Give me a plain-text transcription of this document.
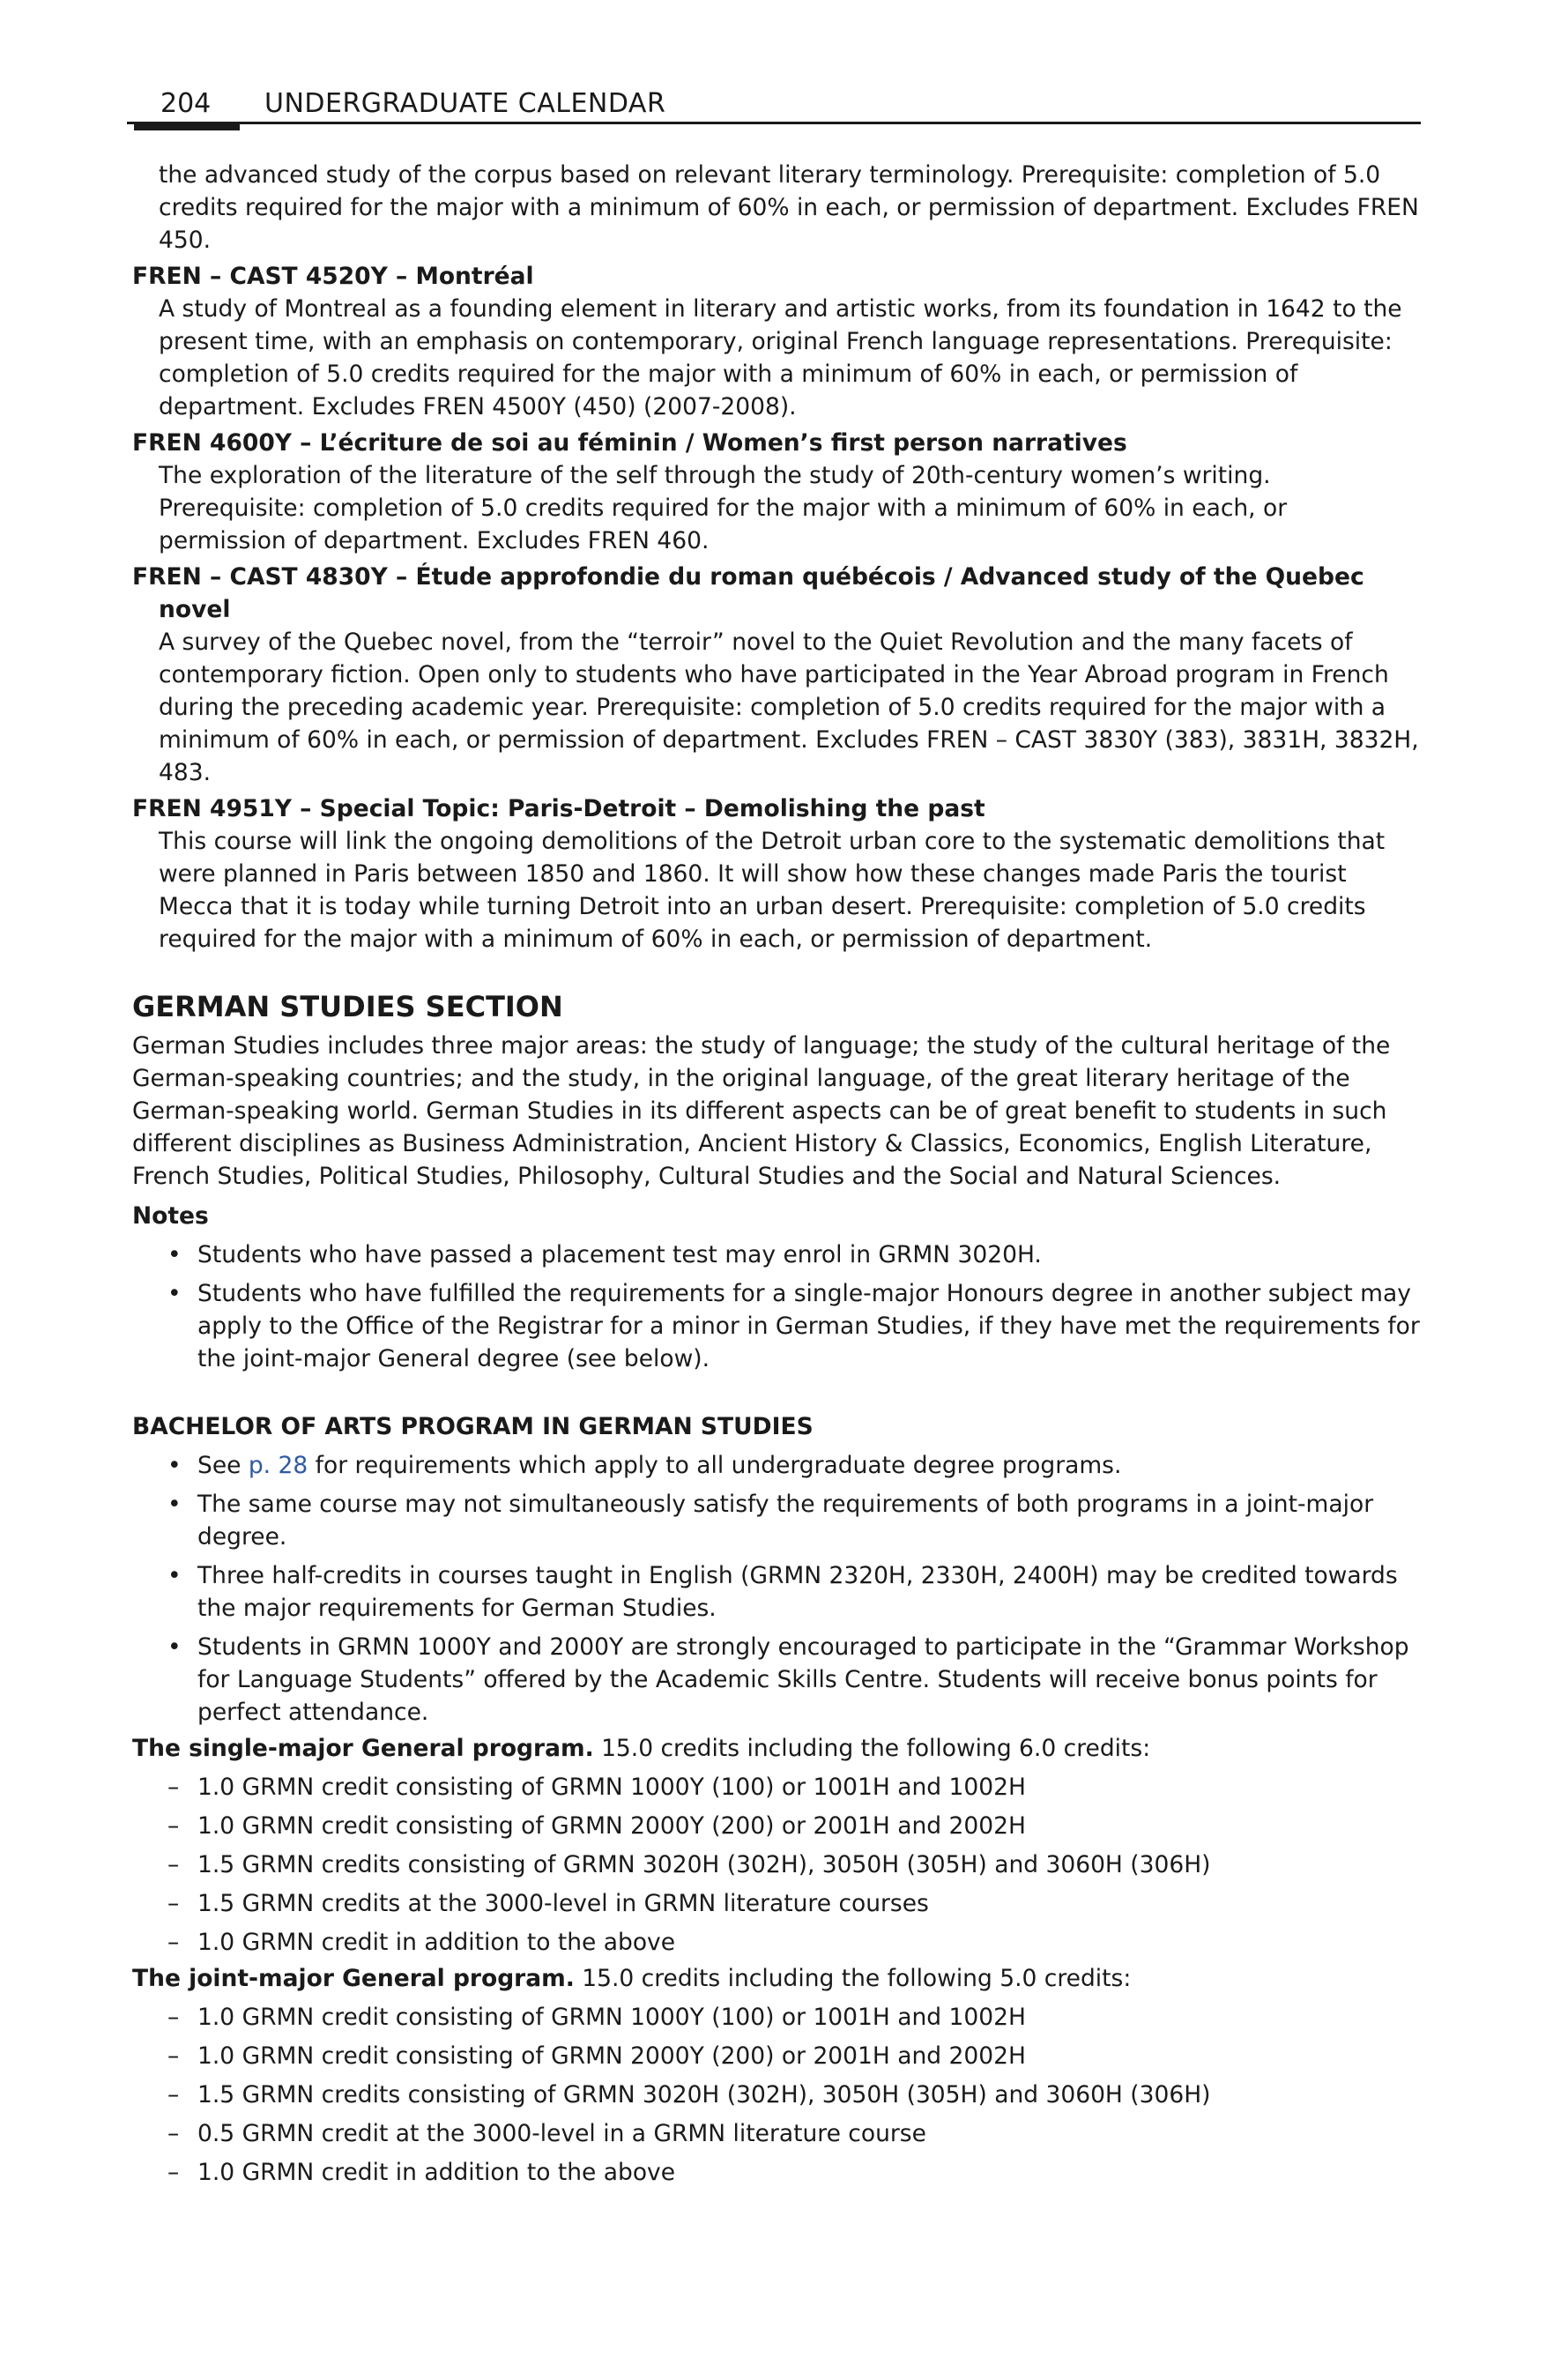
204 UNDERGRADUATE CALENDAR

the advanced study of the corpus based on relevant literary terminology. Prerequisite: completion of 5.0 credits required for the major with a minimum of 60% in each, or permission of department. Excludes FREN 450.

FREN – CAST 4520Y – Montréal

A study of Montreal as a founding element in literary and artistic works, from its foundation in 1642 to the present time, with an emphasis on contemporary, original French language representations. Prerequisite: completion of 5.0 credits required for the major with a minimum of 60% in each, or permission of department. Excludes FREN 4500Y (450) (2007-2008).

FREN 4600Y – L’écriture de soi au féminin / Women’s first person narratives

The exploration of the literature of the self through the study of 20th-century women’s writing. Prerequisite: completion of 5.0 credits required for the major with a minimum of 60% in each, or permission of department. Excludes FREN 460.

FREN – CAST 4830Y – Étude approfondie du roman québécois / Advanced study of the Quebec novel

A survey of the Quebec novel, from the “terroir” novel to the Quiet Revolution and the many facets of contemporary fiction. Open only to students who have participated in the Year Abroad program in French during the preceding academic year. Prerequisite: completion of 5.0 credits required for the major with a minimum of 60% in each, or permission of department. Excludes FREN – CAST 3830Y (383), 3831H, 3832H, 483.

FREN 4951Y – Special Topic: Paris-Detroit – Demolishing the past

This course will link the ongoing demolitions of the Detroit urban core to the systematic demolitions that were planned in Paris between 1850 and 1860. It will show how these changes made Paris the tourist Mecca that it is today while turning Detroit into an urban desert. Prerequisite: completion of 5.0 credits required for the major with a minimum of 60% in each, or permission of department.

GERMAN STUDIES SECTION

German Studies includes three major areas: the study of language; the study of the cultural heritage of the German-speaking countries; and the study, in the original language, of the great literary heritage of the German-speaking world. German Studies in its different aspects can be of great benefit to students in such different disciplines as Business Administration, Ancient History & Classics, Economics, English Literature, French Studies, Political Studies, Philosophy, Cultural Studies and the Social and Natural Sciences.

Notes

• Students who have passed a placement test may enrol in GRMN 3020H.
• Students who have fulfilled the requirements for a single-major Honours degree in another subject may apply to the Office of the Registrar for a minor in German Studies, if they have met the requirements for the joint-major General degree (see below).

BACHELOR OF ARTS PROGRAM IN GERMAN STUDIES

• See p. 28 for requirements which apply to all undergraduate degree programs.
• The same course may not simultaneously satisfy the requirements of both programs in a joint-major degree.
• Three half-credits in courses taught in English (GRMN 2320H, 2330H, 2400H) may be credited towards the major requirements for German Studies.
• Students in GRMN 1000Y and 2000Y are strongly encouraged to participate in the “Grammar Workshop for Language Students” offered by the Academic Skills Centre. Students will receive bonus points for perfect attendance.

The single-major General program. 15.0 credits including the following 6.0 credits:

– 1.0 GRMN credit consisting of GRMN 1000Y (100) or 1001H and 1002H
– 1.0 GRMN credit consisting of GRMN 2000Y (200) or 2001H and 2002H
– 1.5 GRMN credits consisting of GRMN 3020H (302H), 3050H (305H) and 3060H (306H)
– 1.5 GRMN credits at the 3000-level in GRMN literature courses
– 1.0 GRMN credit in addition to the above

The joint-major General program. 15.0 credits including the following 5.0 credits:

– 1.0 GRMN credit consisting of GRMN 1000Y (100) or 1001H and 1002H
– 1.0 GRMN credit consisting of GRMN 2000Y (200) or 2001H and 2002H
– 1.5 GRMN credits consisting of GRMN 3020H (302H), 3050H (305H) and 3060H (306H)
– 0.5 GRMN credit at the 3000-level in a GRMN literature course
– 1.0 GRMN credit in addition to the above
